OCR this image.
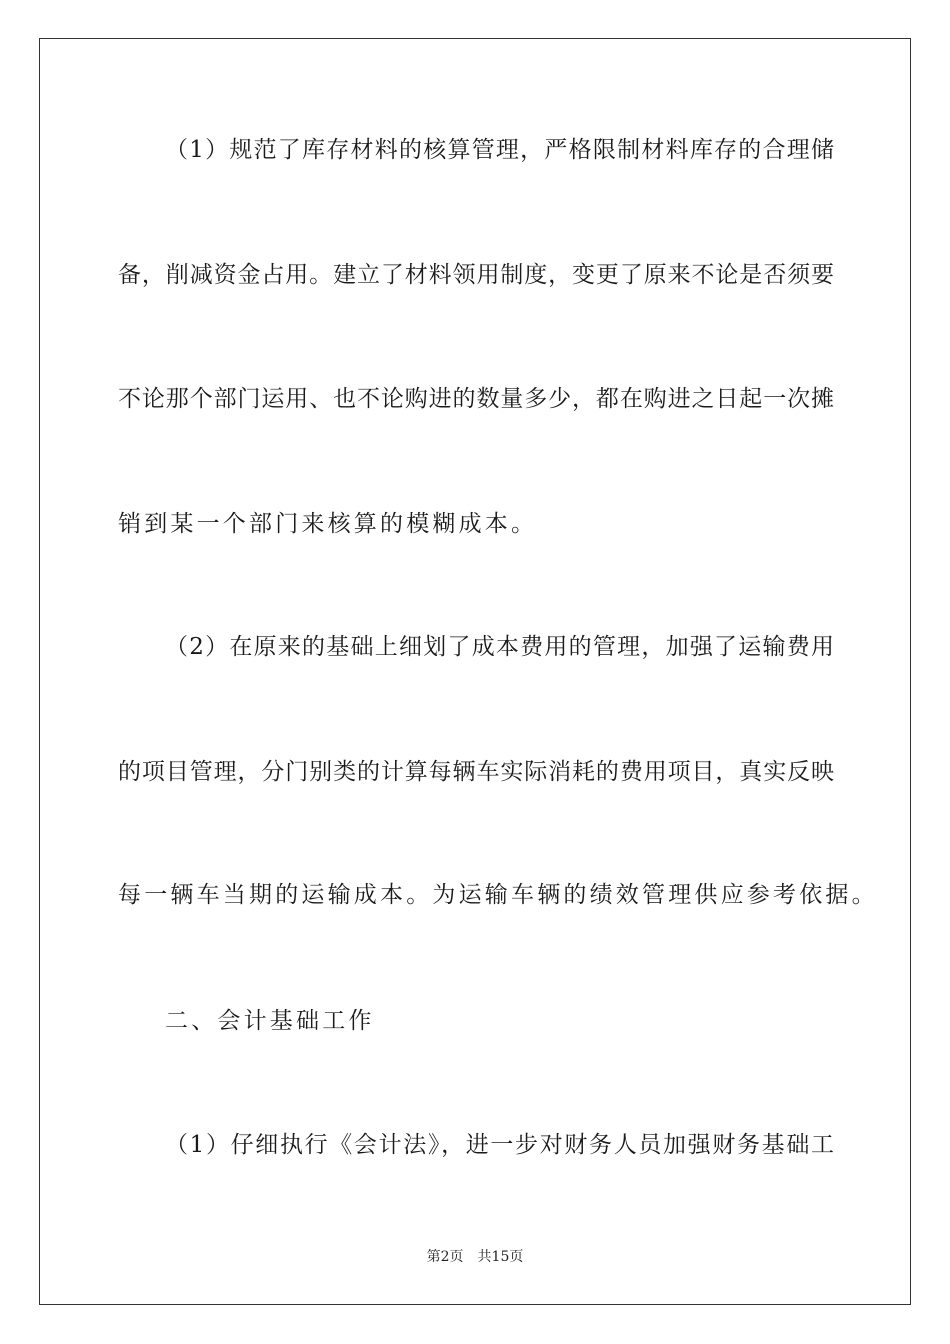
（1）规范了库存材料的核算管理，严格限制材料库存的合理储
备，削减资金占用。建立了材料领用制度，变更了原来不论是否须要
不论那个部门运用、也不论购进的数量多少，都在购进之日起一次摊
销到某一个部门来核算的模糊成本。
（2）在原来的基础上细划了成本费用的管理，加强了运输费用
的项目管理，分门别类的计算每辆车实际消耗的费用项目，真实反映
每一辆车当期的运输成本。为运输车辆的绩效管理供应参考依据。
二、会计基础工作
（1）仔细执行《会计法》，进一步对财务人员加强财务基础工
第2页 共15页
